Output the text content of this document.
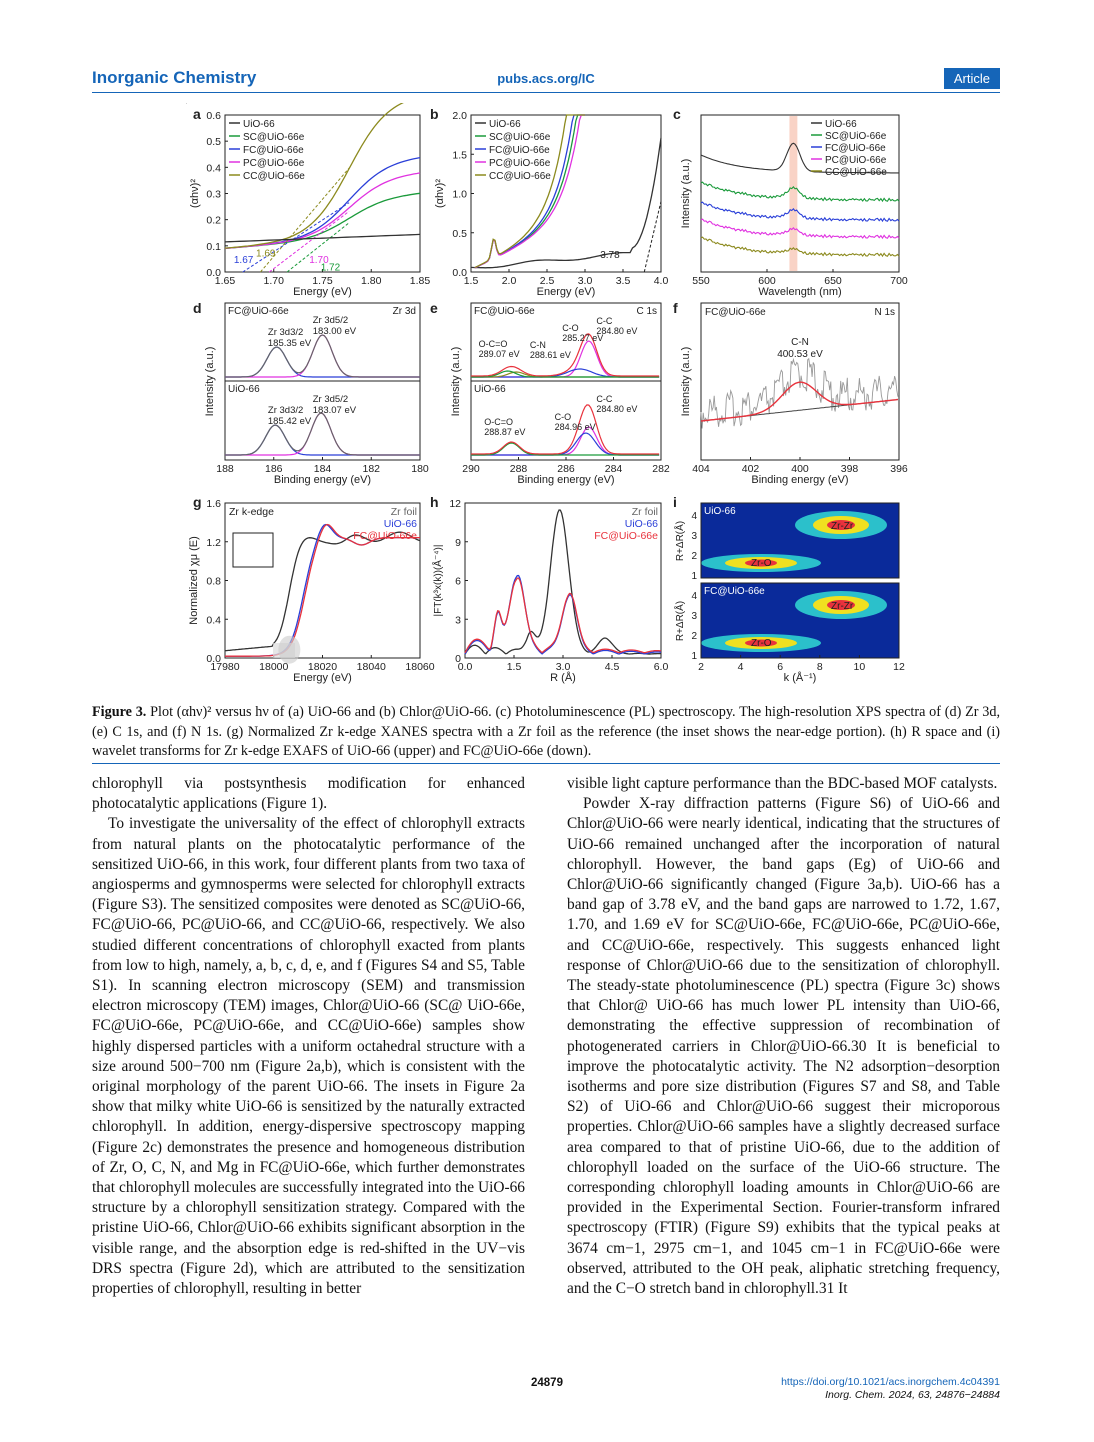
Inorganic Chemistry	pubs.acs.org/IC	Article
a
0.0
0.1
0.2
0.3
0.4
0.5
0.6
1.65	1.70	1.75	1.80	1.85
Energy (eV)
(αhν)²
1.67
1.69
1.70
1.72
UiO-66
SC@UiO-66e
FC@UiO-66e
PC@UiO-66e
CC@UiO-66e
b
0.0
0.5
1.0
1.5
2.0
1.5 2.0 2.5 3.0 3.5 4.0
Energy (eV)
(αhν)²
3.78
UiO-66
SC@UiO-66e
FC@UiO-66e
PC@UiO-66e
CC@UiO-66e
c
550	600	650	700
Wavelength (nm)
Intensity (a.u.)
UiO-66
SC@UiO-66e
FC@UiO-66e
PC@UiO-66e
CC@UiO-66e
d
188	186	184	182	180
Binding energy (eV)
Intensity (a.u.)
FC@UiO-66e	Zr 3d
UiO-66
Zr 3d3/2
185.35 eV
Zr 3d5/2
183.00 eV
Zr 3d3/2
185.42 eV
Zr 3d5/2
183.07 eV
e
290	288	286	284	282
Binding energy (eV)
Intensity (a.u.)
FC@UiO-66e	C 1s
UiO-66
C-C
284.80 eV
C-O
285.27 eV
C-N
288.61 eV
O-C=O
289.07 eV
C-C
284.80 eV
C-O
284.96 eV
O-C=O
288.87 eV
f
404	402	400	398	396
Binding energy (eV)
Intensity (a.u.)
FC@UiO-66e	N 1s
C-N
400.53 eV
g
0.0
0.4
0.8
1.2
1.6
17980 18000 18020 18040 18060
Energy (eV)
Normalized χμ (E)
Zr k-edge	Zr foil
UiO-66
FC@UiO-66e
h
0
3
6
9
12
0.0	1.5	3.0	4.5	6.0
R (Å)
|FT(k³x(k))(Å⁻⁴)|
Zr foil
UiO-66
FC@UiO-66e
i
UiO-66
Zr-Zr
Zr-O
R+ΔR(Å)
1
2
3
4
FC@UiO-66e
Zr-Zr
Zr-O
R+ΔR(Å)
1
2
3
4
2	4	6	8	10	12
k (Å⁻¹)
Figure 3. Plot (αhν)² versus hν of (a) UiO-66 and (b) Chlor@UiO-66. (c) Photoluminescence (PL) spectroscopy. The high-resolution XPS spectra of (d) Zr 3d, (e) C 1s, and (f) N 1s. (g) Normalized Zr k-edge XANES spectra with a Zr foil as the reference (the inset shows the near-edge portion). (h) R space and (i) wavelet transforms for Zr k-edge EXAFS of UiO-66 (upper) and FC@UiO-66e (down).

chlorophyll via postsynthesis modification for enhanced photocatalytic applications (Figure 1).

To investigate the universality of the effect of chlorophyll extracts from natural plants on the photocatalytic performance of the sensitized UiO-66, in this work, four different plants from two taxa of angiosperms and gymnosperms were selected for chlorophyll extracts (Figure S3). The sensitized composites were denoted as SC@UiO-66, FC@UiO-66, PC@UiO-66, and CC@UiO-66, respectively. We also studied different concentrations of chlorophyll exacted from plants from low to high, namely, a, b, c, d, e, and f (Figures S4 and S5, Table S1). In scanning electron microscopy (SEM) and transmission electron microscopy (TEM) images, Chlor@UiO-66 (SC@ UiO-66e, FC@UiO-66e, PC@UiO-66e, and CC@UiO-66e) samples show highly dispersed particles with a uniform octahedral structure with a size around 500−700 nm (Figure 2a,b), which is consistent with the original morphology of the parent UiO-66. The insets in Figure 2a show that milky white UiO-66 is sensitized by the naturally extracted chlorophyll. In addition, energy-dispersive spectroscopy mapping (Figure 2c) demonstrates the presence and homogeneous distribution of Zr, O, C, N, and Mg in FC@UiO-66e, which further demonstrates that chlorophyll molecules are successfully integrated into the UiO-66 structure by a chlorophyll sensitization strategy. Compared with the pristine UiO-66, Chlor@UiO-66 exhibits significant absorption in the visible range, and the absorption edge is red-shifted in the UV−vis DRS spectra (Figure 2d), which are attributed to the sensitization properties of chlorophyll, resulting in better

visible light capture performance than the BDC-based MOF catalysts.

Powder X-ray diffraction patterns (Figure S6) of UiO-66 and Chlor@UiO-66 were nearly identical, indicating that the structures of UiO-66 remained unchanged after the incorporation of natural chlorophyll. However, the band gaps (Eg) of UiO-66 and Chlor@UiO-66 significantly changed (Figure 3a,b). UiO-66 has a band gap of 3.78 eV, and the band gaps are narrowed to 1.72, 1.67, 1.70, and 1.69 eV for SC@UiO-66e, FC@UiO-66e, PC@UiO-66e, and CC@UiO-66e, respectively. This suggests enhanced light response of Chlor@UiO-66 due to the sensitization of chlorophyll. The steady-state photoluminescence (PL) spectra (Figure 3c) shows that Chlor@ UiO-66 has much lower PL intensity than UiO-66, demonstrating the effective suppression of recombination of photogenerated carriers in Chlor@UiO-66.30 It is beneficial to improve the photocatalytic activity. The N2 adsorption−desorption isotherms and pore size distribution (Figures S7 and S8, and Table S2) of UiO-66 and Chlor@UiO-66 suggest their microporous properties. Chlor@UiO-66 samples have a slightly decreased surface area compared to that of pristine UiO-66, due to the addition of chlorophyll loaded on the surface of the UiO-66 structure. The corresponding chlorophyll loading amounts in Chlor@UiO-66 are provided in the Experimental Section. Fourier-transform infrared spectroscopy (FTIR) (Figure S9) exhibits that the typical peaks at 3674 cm−1, 2975 cm−1, and 1045 cm−1 in FC@UiO-66e were observed, attributed to the OH peak, aliphatic stretching frequency, and the C−O stretch band in chlorophyll.31 It

24879	https://doi.org/10.1021/acs.inorgchem.4c04391
Inorg. Chem. 2024, 63, 24876−24884
